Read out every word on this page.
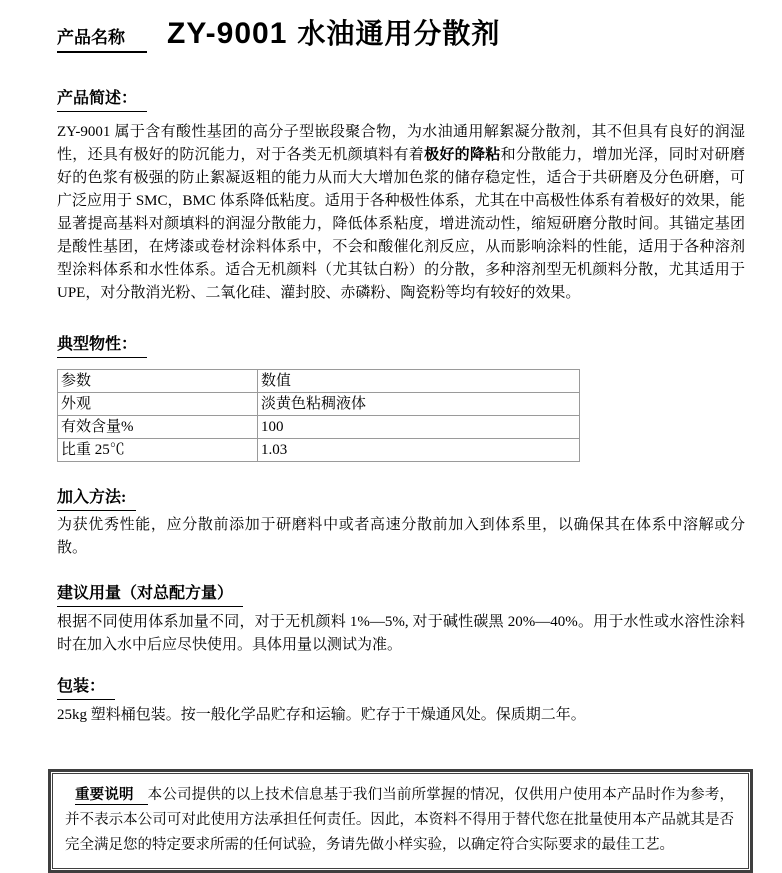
产品名称	ZY-9001 水油通用分散剂
产品简述：

ZY-9001 属于含有酸性基团的高分子型嵌段聚合物，为水油通用解絮凝分散剂，其不但具有良好的润湿性，还具有极好的防沉能力，对于各类无机颜填料有着极好的降粘和分散能力，增加光泽，同时对研磨好的色浆有极强的防止絮凝返粗的能力从而大大增加色浆的储存稳定性，适合于共研磨及分色研磨，可广泛应用于 SMC，BMC 体系降低粘度。适用于各种极性体系，尤其在中高极性体系有着极好的效果，能显著提高基料对颜填料的润湿分散能力，降低体系粘度，增进流动性，缩短研磨分散时间。其锚定基团是酸性基团，在烤漆或卷材涂料体系中，不会和酸催化剂反应，从而影响涂料的性能，适用于各种溶剂型涂料体系和水性体系。适合无机颜料（尤其钛白粉）的分散，多种溶剂型无机颜料分散，尤其适用于 UPE，对分散消光粉、二氧化硅、灌封胶、赤磷粉、陶瓷粉等均有较好的效果。

典型物性：
参数	数值
外观	淡黄色粘稠液体
有效含量%	100
比重 25℃	1.03
加入方法:

为获优秀性能，应分散前添加于研磨料中或者高速分散前加入到体系里，以确保其在体系中溶解或分散。

建议用量（对总配方量）

根据不同使用体系加量不同，对于无机颜料 1%—5%, 对于碱性碳黑 20%—40%。用于水性或水溶性涂料时在加入水中后应尽快使用。具体用量以测试为准。

包装：

25kg 塑料桶包装。按一般化学品贮存和运输。贮存于干燥通风处。保质期二年。

重要说明 本公司提供的以上技术信息基于我们当前所掌握的情况，仅供用户使用本产品时作为参考，并不表示本公司可对此使用方法承担任何责任。因此，本资料不得用于替代您在批量使用本产品就其是否完全满足您的特定要求所需的任何试验，务请先做小样实验，以确定符合实际要求的最佳工艺。
